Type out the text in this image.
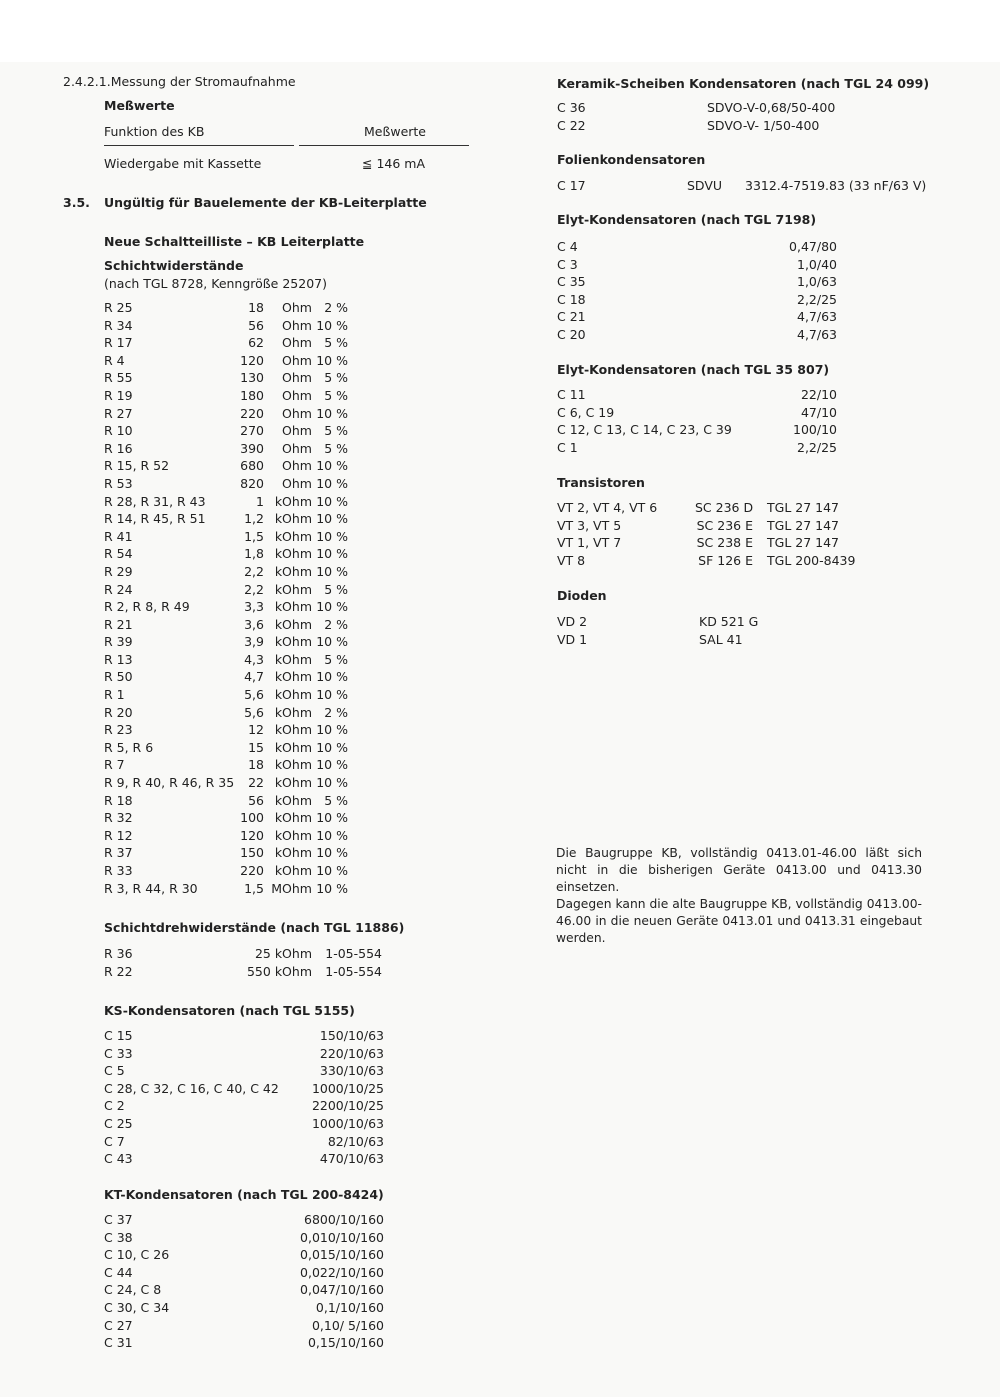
2.4.2.1.Messung der Stromaufnahme
Meßwerte
Funktion des KB	Meßwerte
Wiedergabe mit Kassette	≦ 146 mA
3.5. Ungültig für Bauelemente der KB-Leiterplatte
Neue Schaltteilliste – KB Leiterplatte
Schichtwiderstände
(nach TGL 8728, Kenngröße 25207)
R 25	18	Ohm 2 %
R 34	56	Ohm 10 %
R 17	62	Ohm 5 %
R 4	120	Ohm 10 %
R 55	130	Ohm 5 %
R 19	180	Ohm 5 %
R 27	220	Ohm 10 %
R 10	270	Ohm 5 %
R 16	390	Ohm 5 %
R 15, R 52	680	Ohm 10 %
R 53	820	Ohm 10 %
R 28, R 31, R 43	1 kOhm 10 %
R 14, R 45, R 51	1,2 kOhm 10 %
R 41	1,5 kOhm 10 %
R 54	1,8 kOhm 10 %
R 29	2,2 kOhm 10 %
R 24	2,2 kOhm 5 %
R 2, R 8, R 49	3,3 kOhm 10 %
R 21	3,6 kOhm 2 %
R 39	3,9 kOhm 10 %
R 13	4,3 kOhm 5 %
R 50	4,7 kOhm 10 %
R 1	5,6 kOhm 10 %
R 20	5,6 kOhm 2 %
R 23	12 kOhm 10 %
R 5, R 6	15 kOhm 10 %
R 7	18 kOhm 10 %
R 9, R 40, R 46, R 35	22 kOhm 10 %
R 18	56 kOhm 5 %
R 32	100 kOhm 10 %
R 12	120 kOhm 10 %
R 37	150 kOhm 10 %
R 33	220 kOhm 10 %
R 3, R 44, R 30	1,5 MOhm 10 %
Schichtdrehwiderstände (nach TGL 11886)
R 36	25 kOhm	1-05-554
R 22	550 kOhm	1-05-554
KS-Kondensatoren (nach TGL 5155)
C 15	150/10/63
C 33	220/10/63
C 5	330/10/63
C 28, C 32, C 16, C 40, C 42	1000/10/25
C 2	2200/10/25
C 25	1000/10/63
C 7	82/10/63
C 43	470/10/63
KT-Kondensatoren (nach TGL 200-8424)
C 37	6800/10/160
C 38	0,010/10/160
C 10, C 26	0,015/10/160
C 44	0,022/10/160
C 24, C 8	0,047/10/160
C 30, C 34	0,1/10/160
C 27	0,10/ 5/160
C 31	0,15/10/160
Keramik-Scheiben Kondensatoren (nach TGL 24 099)
C 36	SDVO-V-0,68/50-400
C 22	SDVO-V- 1/50-400
Folienkondensatoren
C 17	SDVU	3312.4-7519.83 (33 nF/63 V)
Elyt-Kondensatoren (nach TGL 7198)
C 4	0,47/80
C 3	1,0/40
C 35	1,0/63
C 18	2,2/25
C 21	4,7/63
C 20	4,7/63
Elyt-Kondensatoren (nach TGL 35 807)
C 11	22/10
C 6, C 19	47/10
C 12, C 13, C 14, C 23, C 39	100/10
C 1	2,2/25
Transistoren
VT 2, VT 4, VT 6	SC 236 D	TGL 27 147
VT 3, VT 5	SC 236 E	TGL 27 147
VT 1, VT 7	SC 238 E	TGL 27 147
VT 8	SF 126 E	TGL 200-8439
Dioden
VD 2	KD 521 G
VD 1	SAL 41
Die Baugruppe KB, vollständig 0413.01-46.00 läßt sich nicht in die bisherigen Geräte 0413.00 und 0413.30 einsetzen.
Dagegen kann die alte Baugruppe KB, vollständig 0413.00-46.00 in die neuen Geräte 0413.01 und 0413.31 eingebaut werden.
